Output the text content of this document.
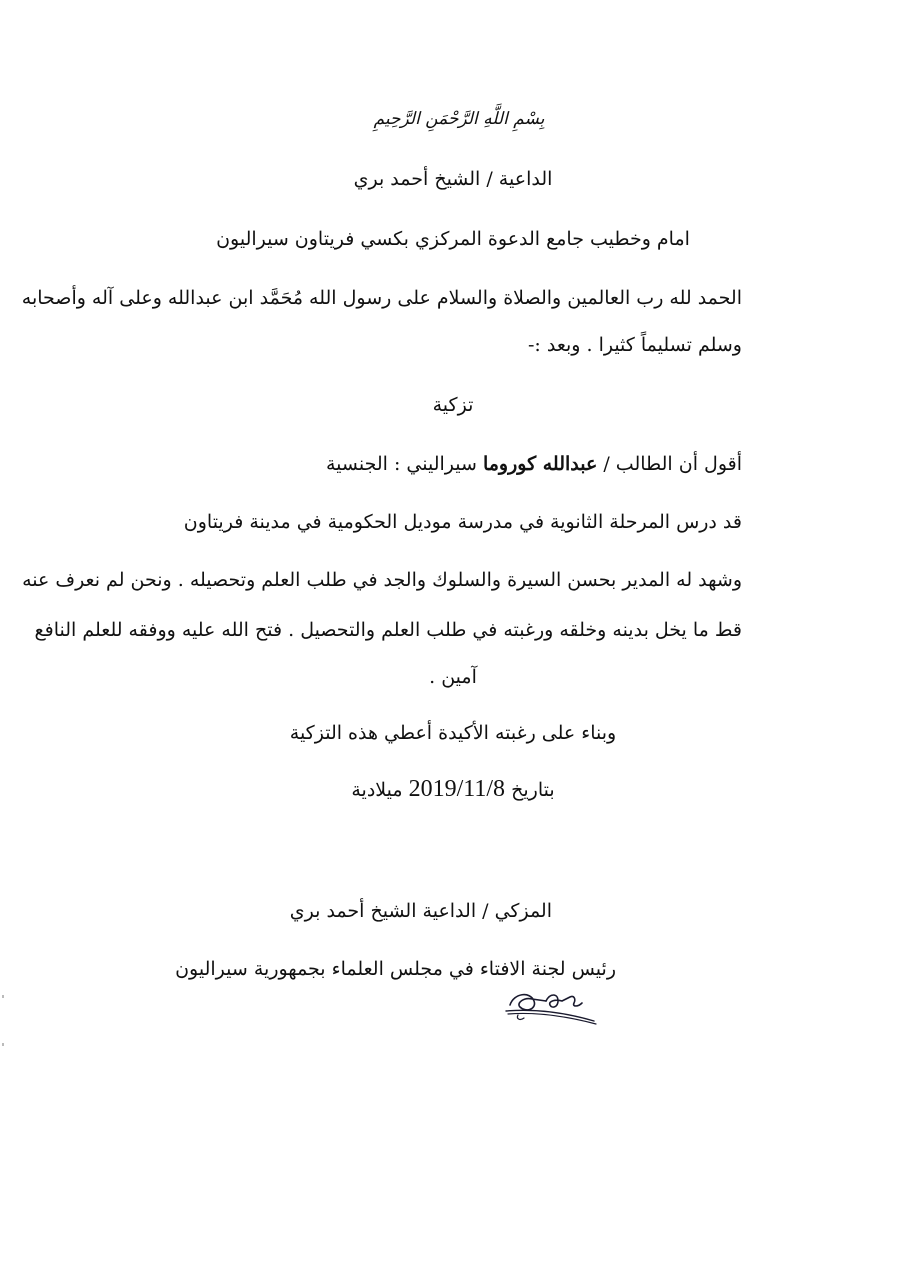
بِسْمِ اللَّهِ الرَّحْمَنِ الرَّحِيمِ
الداعية / الشيخ أحمد بري
امام وخطيب جامع الدعوة المركزي بكسي فريتاون سيراليون
الحمد لله رب العالمين والصلاة والسلام على رسول الله مُحَمَّد ابن عبدالله وعلى آله وأصحابه
وسلم تسليماً كثيرا . وبعد :-
تزكية
أقول أن الطالب / عبدالله كوروما سيراليني : الجنسية
قد درس المرحلة الثانوية في مدرسة موديل الحكومية في مدينة فريتاون
وشهد له المدير بحسن السيرة والسلوك والجد في طلب العلم وتحصيله . ونحن لم نعرف عنه
قط ما يخل بدينه وخلقه ورغبته في طلب العلم والتحصيل . فتح الله عليه ووفقه للعلم النافع
آمين .
وبناء على رغبته الأكيدة أعطي هذه التزكية
بتاريخ 2019/11/8 ميلادية
المزكي / الداعية الشيخ أحمد بري
رئيس لجنة الافتاء في مجلس العلماء بجمهورية سيراليون
